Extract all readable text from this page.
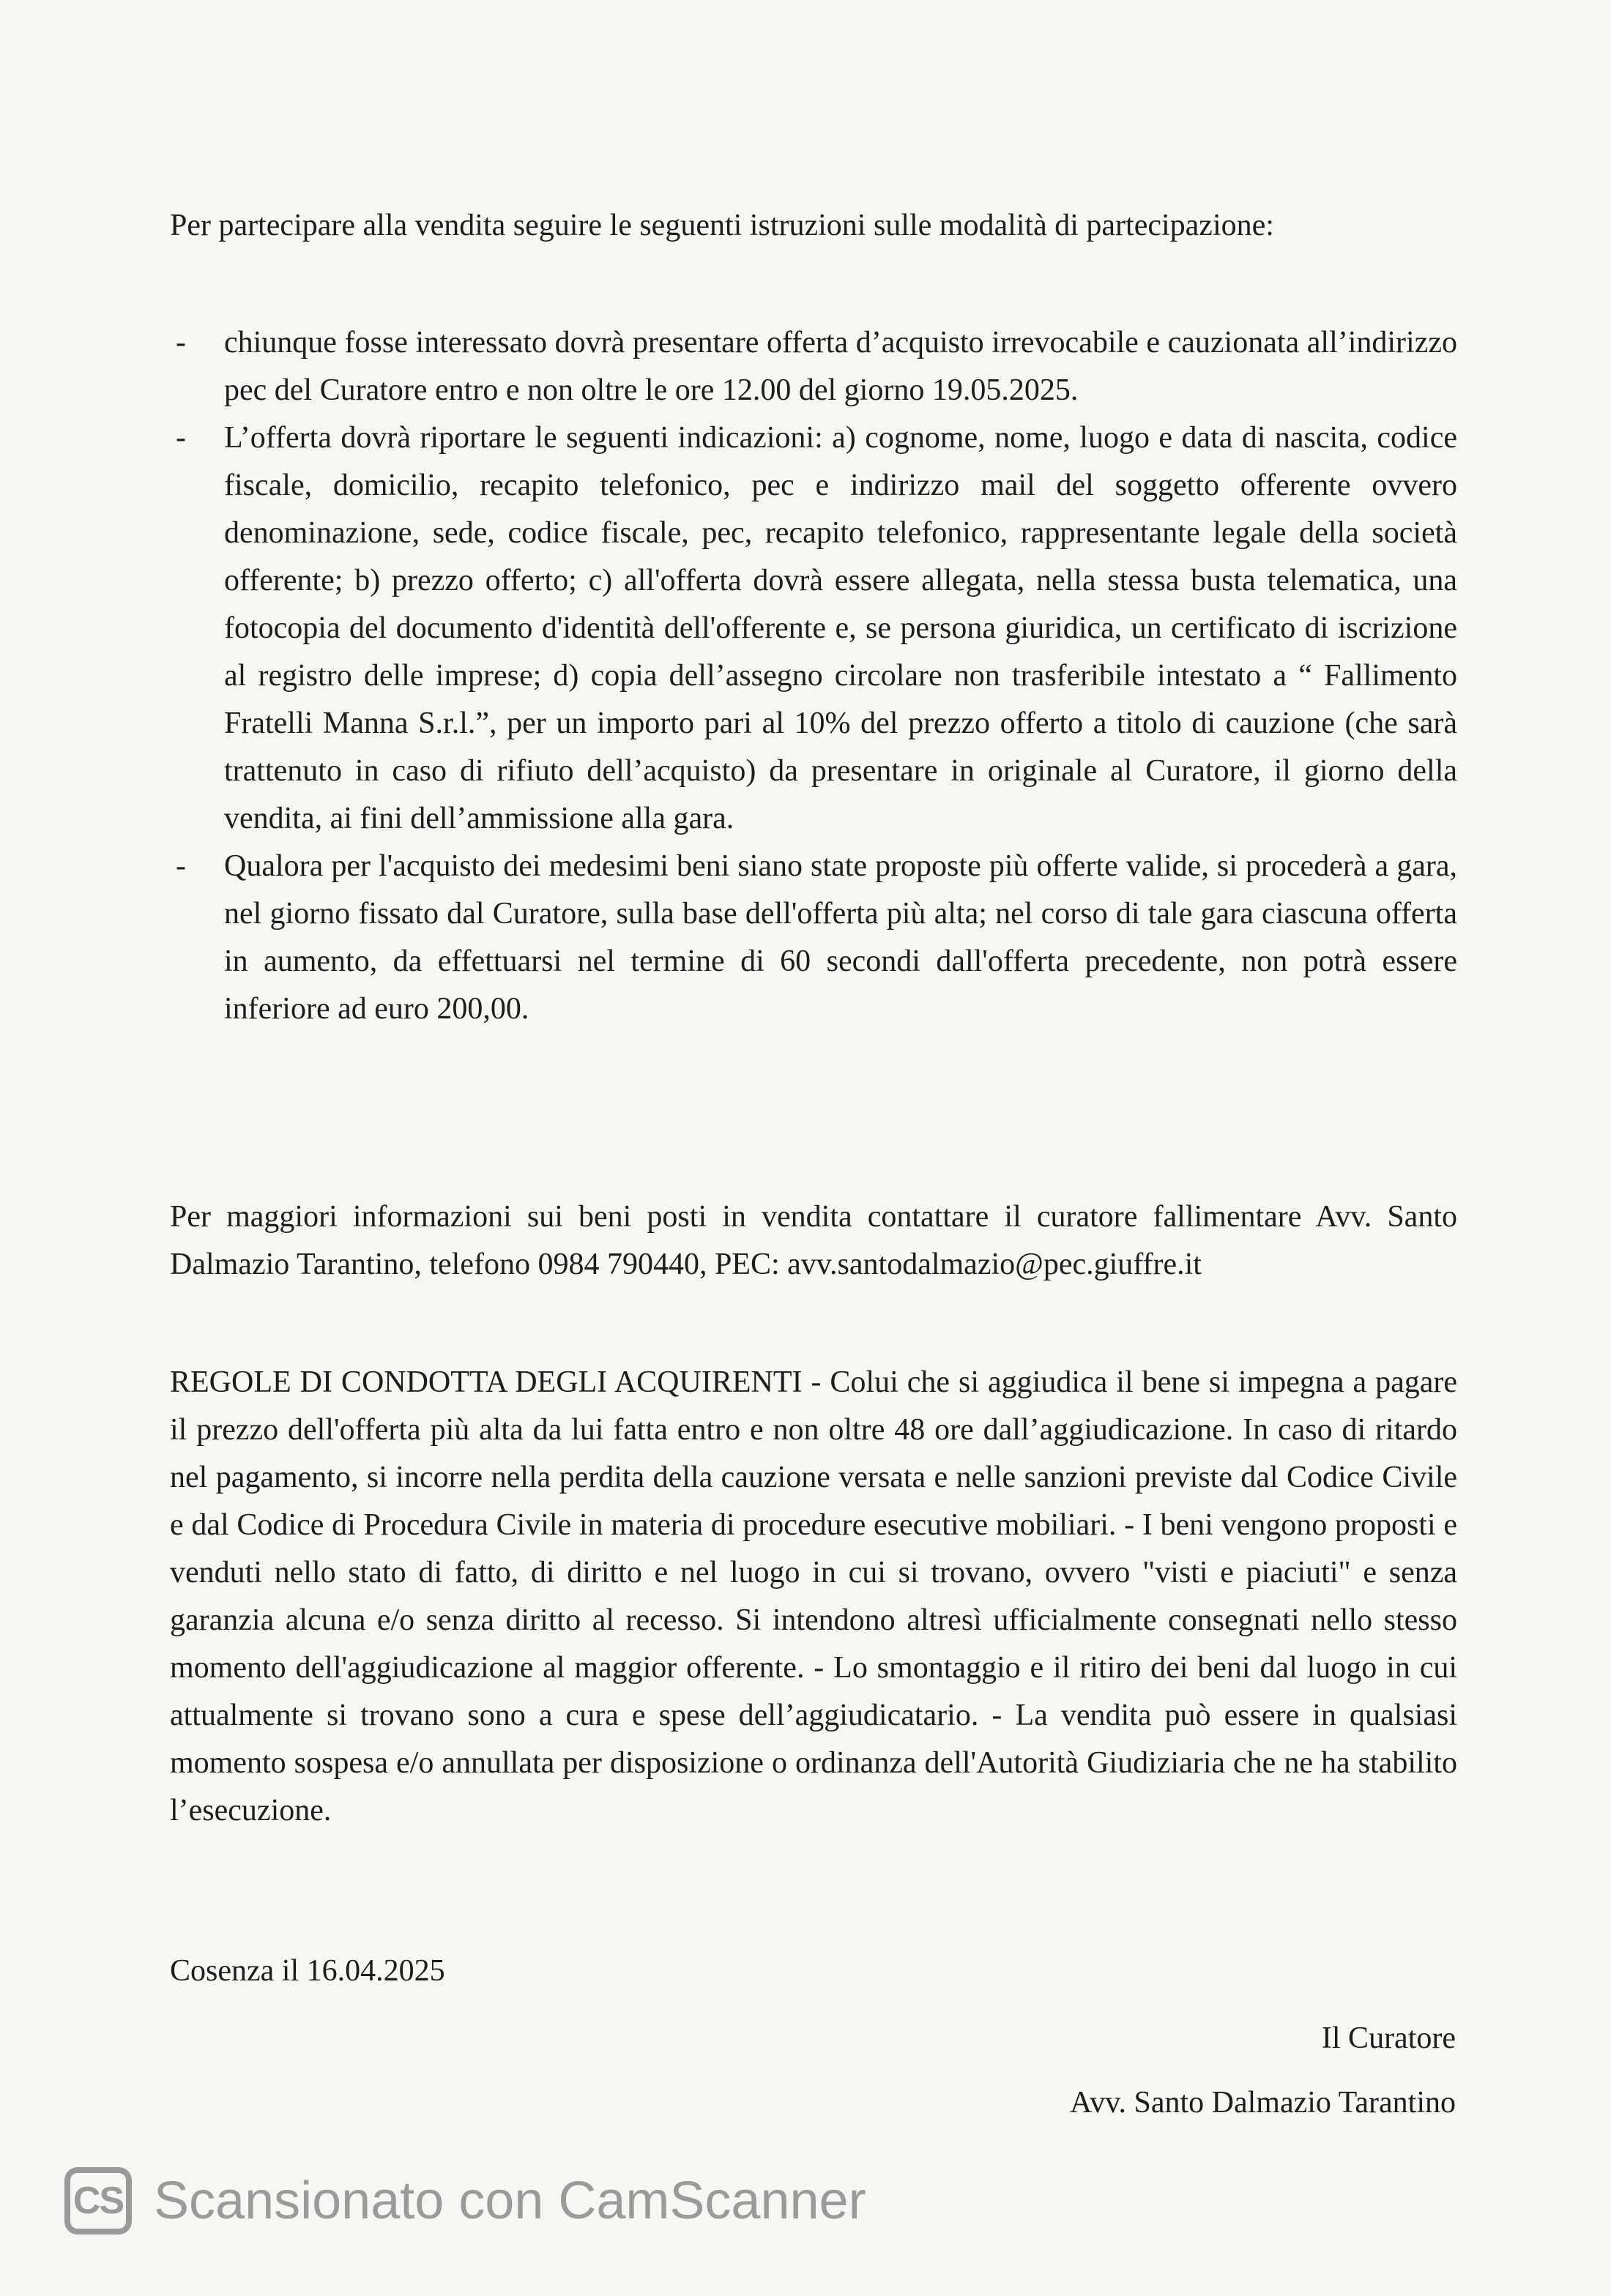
Per partecipare alla vendita seguire le seguenti istruzioni sulle modalità di partecipazione:

- chiunque fosse interessato dovrà presentare offerta d’acquisto irrevocabile e cauzionata all’indirizzo pec del Curatore entro e non oltre le ore 12.00 del giorno 19.05.2025.
- L’offerta dovrà riportare le seguenti indicazioni: a) cognome, nome, luogo e data di nascita, codice fiscale, domicilio, recapito telefonico, pec e indirizzo mail del soggetto offerente ovvero denominazione, sede, codice fiscale, pec, recapito telefonico, rappresentante legale della società offerente; b) prezzo offerto; c) all'offerta dovrà essere allegata, nella stessa busta telematica, una fotocopia del documento d'identità dell'offerente e, se persona giuridica, un certificato di iscrizione al registro delle imprese; d) copia dell’assegno circolare non trasferibile intestato a “ Fallimento Fratelli Manna S.r.l.”, per un importo pari al 10% del prezzo offerto a titolo di cauzione (che sarà trattenuto in caso di rifiuto dell’acquisto) da presentare in originale al Curatore, il giorno della vendita, ai fini dell’ammissione alla gara.
- Qualora per l'acquisto dei medesimi beni siano state proposte più offerte valide, si procederà a gara, nel giorno fissato dal Curatore, sulla base dell'offerta più alta; nel corso di tale gara ciascuna offerta in aumento, da effettuarsi nel termine di 60 secondi dall'offerta precedente, non potrà essere inferiore ad euro 200,00.

Per maggiori informazioni sui beni posti in vendita contattare il curatore fallimentare Avv. Santo Dalmazio Tarantino, telefono 0984 790440, PEC: avv.santodalmazio@pec.giuffre.it

REGOLE DI CONDOTTA DEGLI ACQUIRENTI - Colui che si aggiudica il bene si impegna a pagare il prezzo dell'offerta più alta da lui fatta entro e non oltre 48 ore dall’aggiudicazione. In caso di ritardo nel pagamento, si incorre nella perdita della cauzione versata e nelle sanzioni previste dal Codice Civile e dal Codice di Procedura Civile in materia di procedure esecutive mobiliari. - I beni vengono proposti e venduti nello stato di fatto, di diritto e nel luogo in cui si trovano, ovvero "visti e piaciuti" e senza garanzia alcuna e/o senza diritto al recesso. Si intendono altresì ufficialmente consegnati nello stesso momento dell'aggiudicazione al maggior offerente. - Lo smontaggio e il ritiro dei beni dal luogo in cui attualmente si trovano sono a cura e spese dell’aggiudicatario. - La vendita può essere in qualsiasi momento sospesa e/o annullata per disposizione o ordinanza dell'Autorità Giudiziaria che ne ha stabilito l’esecuzione.

Cosenza il 16.04.2025
Il Curatore
Avv. Santo Dalmazio Tarantino
CS Scansionato con CamScanner
